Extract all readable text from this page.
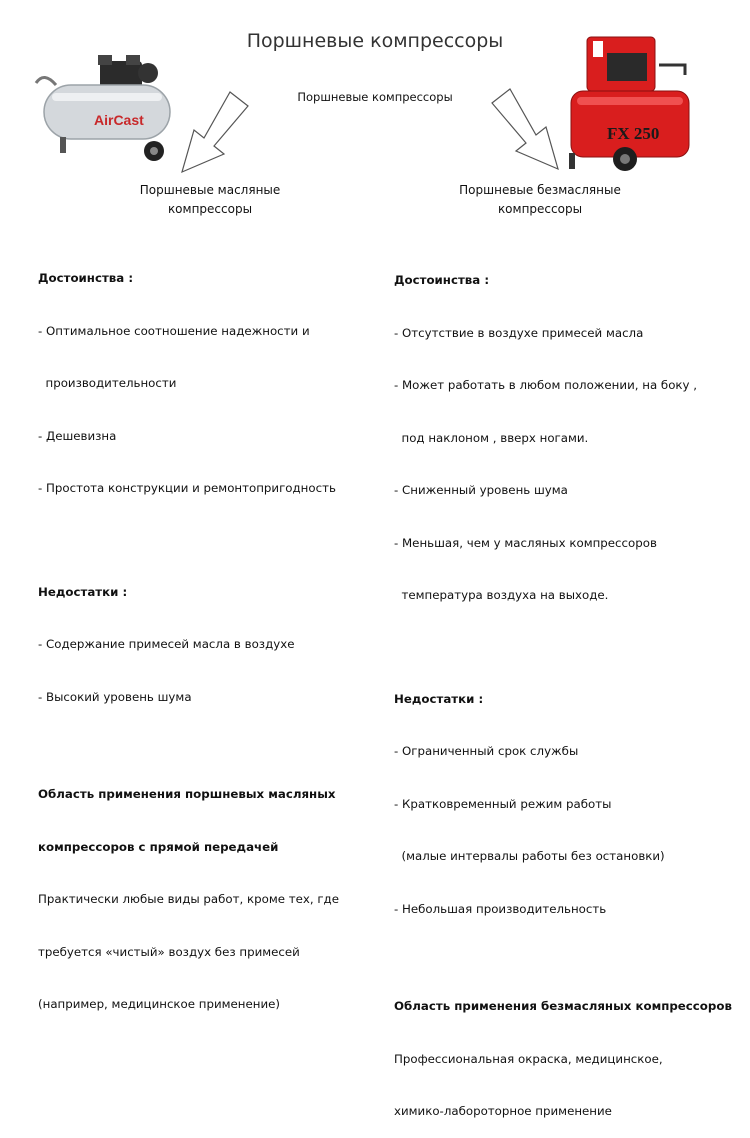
Поршневые компрессоры
Поршневые компрессоры
AirCast
FX 250
Поршневые масляные
компрессоры
Поршневые безмасляные
компрессоры

Достоинства :

- Оптимальное соотношение надежности и

производительности

- Дешевизна

- Простота конструкции и ремонтопригодность

Недостатки :

- Содержание примесей масла в воздухе

- Высокий уровень шума

Область применения поршневых масляных

компрессоров с прямой передачей

Практически любые виды работ, кроме тех, где

требуется «чистый» воздух без примесей

(например, медицинское применение)

Достоинства :

- Отсутствие в воздухе примесей масла

- Может работать в любом положении, на боку ,

под наклоном , вверх ногами.

- Сниженный уровень шума

- Меньшая, чем у масляных компрессоров

температура воздуха на выходе.

Недостатки :

- Ограниченный срок службы

- Кратковременный режим работы

(малые интервалы работы без остановки)

- Небольшая производительность

Область применения безмасляных компрессоров

Профессиональная окраска, медицинское,

химико-лабороторное применение
